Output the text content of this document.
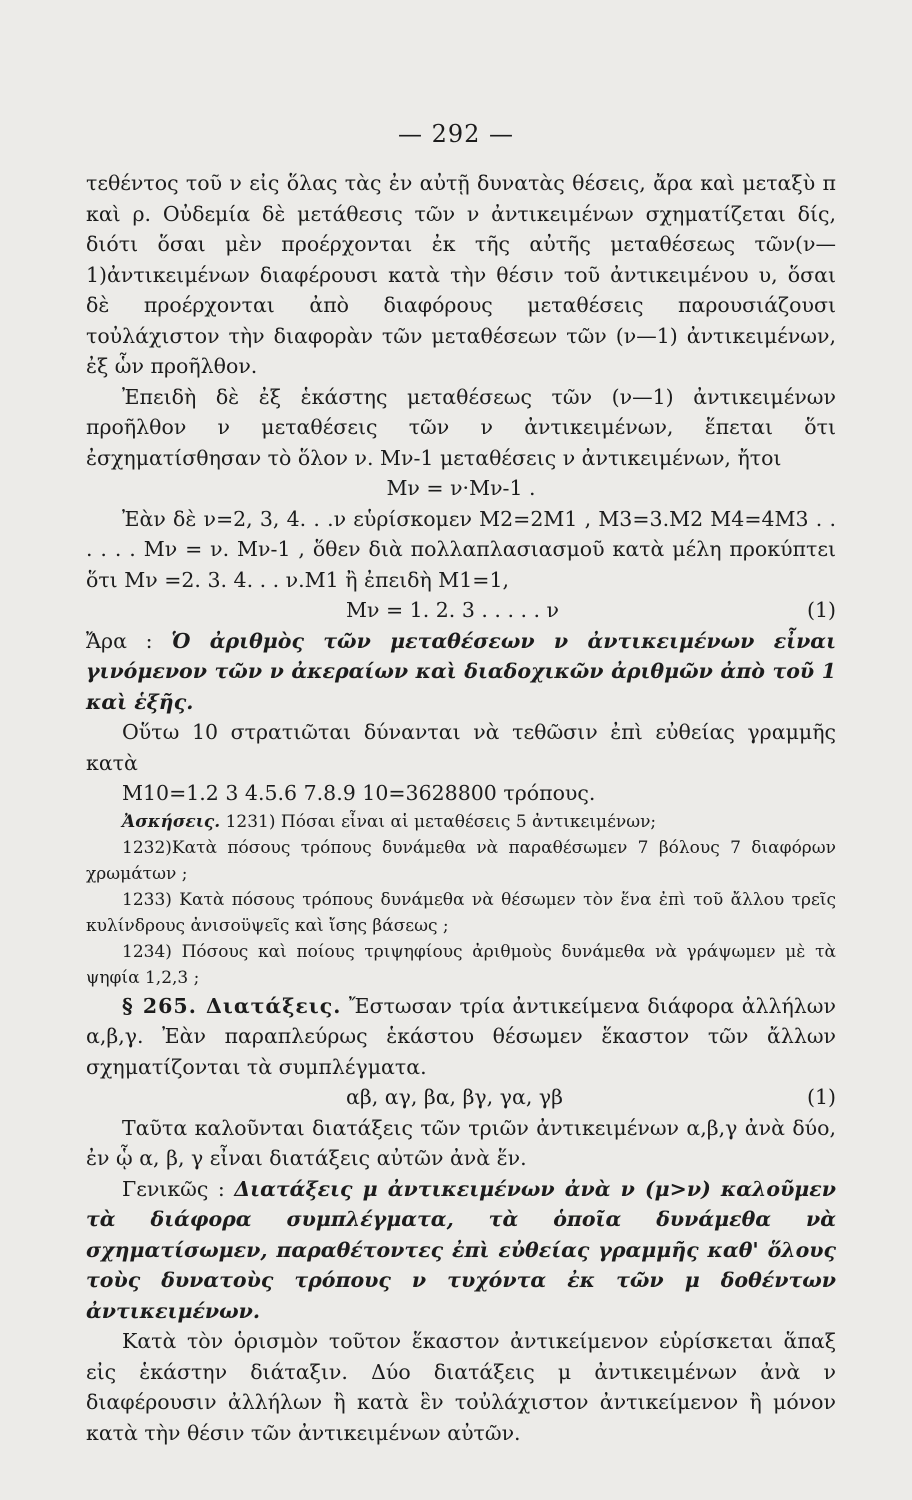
— 292 —

τεθέντος τοῦ ν εἰς ὅλας τὰς ἐν αὐτῇ δυνατὰς θέσεις, ἄρα καὶ μεταξὺ π καὶ ρ. Οὐδεμία δὲ μετάθεσις τῶν ν ἀντικειμένων σχηματίζεται δίς, διότι ὅσαι μὲν προέρχονται ἐκ τῆς αὐτῆς μεταθέσεως τῶν(ν—1)ἀντικειμένων διαφέρουσι κατὰ τὴν θέσιν τοῦ ἀντικειμένου υ, ὅσαι δὲ προέρχονται ἀπὸ διαφόρους μεταθέσεις παρουσιάζουσι τοὐλάχιστον τὴν διαφορὰν τῶν μεταθέσεων τῶν (ν—1) ἀντικειμένων, ἐξ ὧν προῆλθον.

Ἐπειδὴ δὲ ἐξ ἑκάστης μεταθέσεως τῶν (ν—1) ἀντικειμένων προῆλθον ν μεταθέσεις τῶν ν ἀντικειμένων, ἕπεται ὅτι ἐσχηματίσθησαν τὸ ὅλον ν. Mν-1 μεταθέσεις ν ἀντικειμένων, ἤτοι

Mν = ν·Mν-1 .

Ἐὰν δὲ ν=2, 3, 4. . .ν εὑρίσκομεν M2=2M1 , M3=3.M2 M4=4M3 . . . . . . Mν = ν. Mν-1 , ὅθεν διὰ πολλαπλασιασμοῦ κατὰ μέλη προκύπτει ὅτι Mν =2. 3. 4. . . ν.M1 ἢ ἐπειδὴ M1=1,

Mν = 1. 2. 3 . . . . . ν	(1)

Ἄρα : Ὁ ἀριθμὸς τῶν μεταθέσεων ν ἀντικειμένων εἶναι γινόμενον τῶν ν ἀκεραίων καὶ διαδοχικῶν ἀριθμῶν ἀπὸ τοῦ 1 καὶ ἑξῆς.

Οὕτω 10 στρατιῶται δύνανται νὰ τεθῶσιν ἐπὶ εὐθείας γραμμῆς κατὰ

M10=1.2 3 4.5.6 7.8.9 10=3628800 τρόπους.

Ἀσκήσεις. 1231) Πόσαι εἶναι αἱ μεταθέσεις 5 ἀντικειμένων;

1232)Κατὰ πόσους τρόπους δυνάμεθα νὰ παραθέσωμεν 7 βόλους 7 διαφόρων χρωμάτων ;

1233) Κατὰ πόσους τρόπους δυνάμεθα νὰ θέσωμεν τὸν ἕνα ἐπὶ τοῦ ἄλλου τρεῖς κυλίνδρους ἀνισοϋψεῖς καὶ ἴσης βάσεως ;

1234) Πόσους καὶ ποίους τριψηφίους ἀριθμοὺς δυνάμεθα νὰ γράψωμεν μὲ τὰ ψηφία 1,2,3 ;

§ 265. Διατάξεις. Ἔστωσαν τρία ἀντικείμενα διάφορα ἀλλήλων α,β,γ. Ἐὰν παραπλεύρως ἑκάστου θέσωμεν ἕκαστον τῶν ἄλλων σχηματίζονται τὰ συμπλέγματα.

αβ, αγ, βα, βγ, γα, γβ	(1)

Ταῦτα καλοῦνται διατάξεις τῶν τριῶν ἀντικειμένων α,β,γ ἀνὰ δύο, ἐν ᾧ α, β, γ εἶναι διατάξεις αὐτῶν ἀνὰ ἕν.

Γενικῶς : Διατάξεις μ ἀντικειμένων ἀνὰ ν (μ>ν) καλοῦμεν τὰ διάφορα συμπλέγματα, τὰ ὁποῖα δυνάμεθα νὰ σχηματίσωμεν, παραθέτοντες ἐπὶ εὐθείας γραμμῆς καθ' ὅλους τοὺς δυνατοὺς τρόπους ν τυχόντα ἐκ τῶν μ δοθέντων ἀντικειμένων.

Κατὰ τὸν ὁρισμὸν τοῦτον ἕκαστον ἀντικείμενον εὑρίσκεται ἅπαξ εἰς ἑκάστην διάταξιν. Δύο διατάξεις μ ἀντικειμένων ἀνὰ ν διαφέρουσιν ἀλλήλων ἢ κατὰ ἓν τοὐλάχιστον ἀντικείμενον ἢ μόνον κατὰ τὴν θέσιν τῶν ἀντικειμένων αὐτῶν.
